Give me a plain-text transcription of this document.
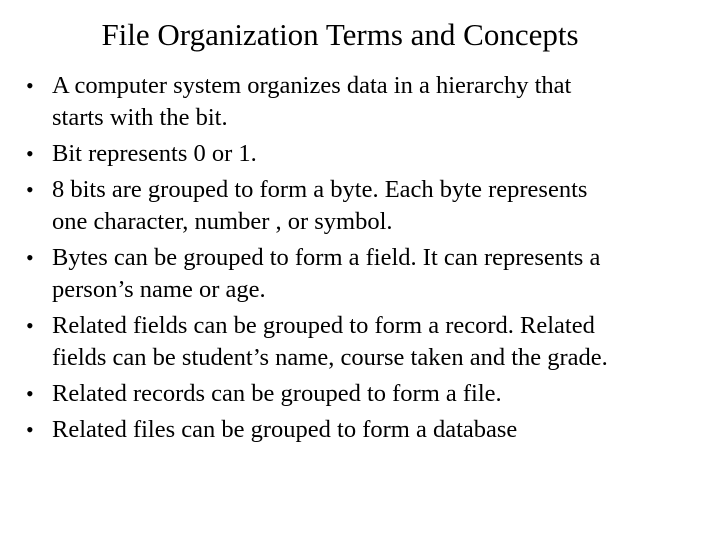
File Organization Terms and Concepts
• A computer system organizes data in a hierarchy that
starts with the bit.
• Bit represents 0 or 1.
• 8 bits are grouped to form a byte. Each byte represents
one character, number , or symbol.
• Bytes can be grouped to form a field. It can represents a
person’s name or age.
• Related fields can be grouped to form a record. Related
fields can be student’s name, course taken and the grade.
• Related records can be grouped to form a file.
• Related files can be grouped to form a database
